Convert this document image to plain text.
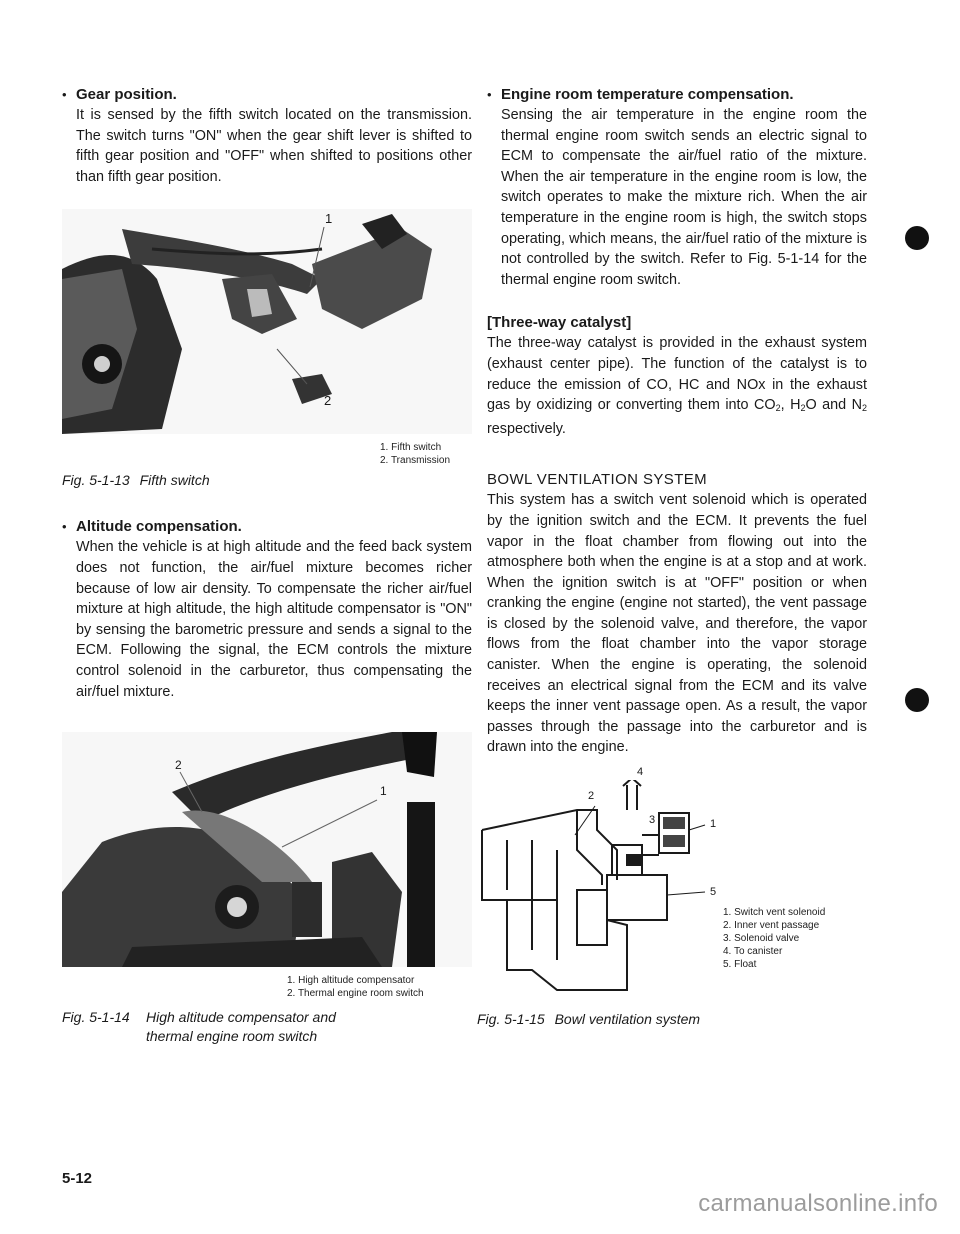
• Gear position.

It is sensed by the fifth switch located on the transmission. The switch turns "ON" when the gear shift lever is shifted to fifth gear position and "OFF" when shifted to positions other than fifth gear position.

1
2
1. Fifth switch
2. Transmission
Fig. 5-1-13 Fifth switch
• Altitude compensation.

When the vehicle is at high altitude and the feed back system does not function, the air/fuel mixture becomes richer because of low air density. To compensate the richer air/fuel mixture at high altitude, the high altitude compensator is "ON" by sensing the barometric pressure and sends a signal to the ECM. Following the signal, the ECM controls the mixture control solenoid in the carburetor, thus compensating the air/fuel mixture.

2
1
1. High altitude compensator
2. Thermal engine room switch
Fig. 5-1-14	High altitude compensator and thermal engine room switch
5-12
• Engine room temperature compensation.

Sensing the air temperature in the engine room the thermal engine room switch sends an electric signal to ECM to compensate the air/fuel ratio of the mixture. When the air temperature in the engine room is low, the switch operates to make the mixture rich. When the air temperature in the engine room is high, the switch stops operating, which means, the air/fuel ratio of the mixture is not controlled by the switch. Refer to Fig. 5-1-14 for the thermal engine room switch.

[Three-way catalyst]

The three-way catalyst is provided in the exhaust system (exhaust center pipe). The function of the catalyst is to reduce the emission of CO, HC and NOx in the exhaust gas by oxidizing or converting them into $CO_2$, $H_2O$ and $N_2$ respectively.

BOWL VENTILATION SYSTEM

This system has a switch vent solenoid which is operated by the ignition switch and the ECM. It prevents the fuel vapor in the float chamber from flowing out into the atmosphere both when the engine is at a stop and at work. When the ignition switch is at "OFF" position or when cranking the engine (engine not started), the vent passage is closed by the solenoid valve, and therefore, the vapor flows from the float chamber into the vapor storage canister. When the engine is operating, the solenoid receives an electrical signal from the ECM and its valve keeps the inner vent passage open. As a result, the vapor passes through the passage into the carburetor and is drawn into the engine.

1
2
3
4
5
1. Switch vent solenoid
2. Inner vent passage
3. Solenoid valve
4. To canister
5. Float
Fig. 5-1-15 Bowl ventilation system
carmanualsonline.info
